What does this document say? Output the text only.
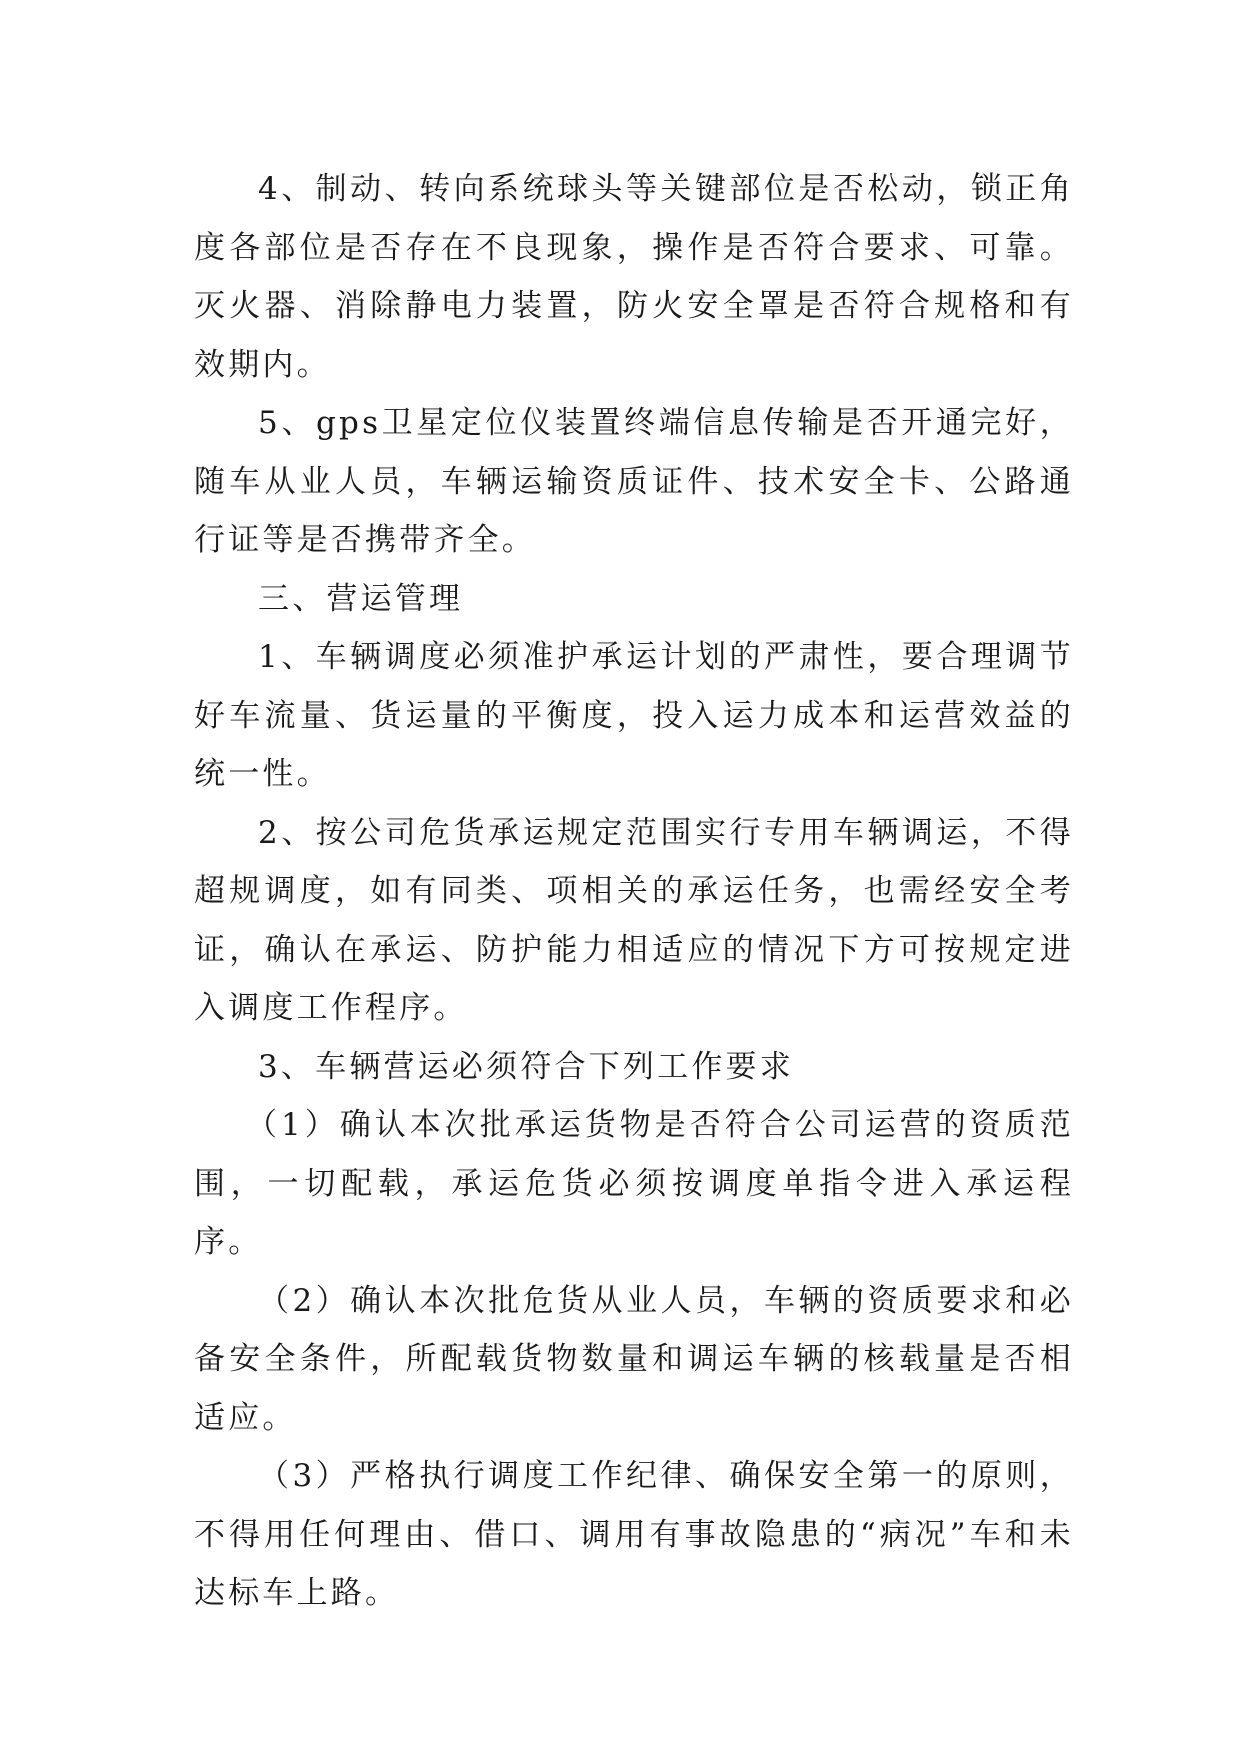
4、制动、转向系统球头等关键部位是否松动，锁正角度各部位是否存在不良现象，操作是否符合要求、可靠。灭火器、消除静电力装置，防火安全罩是否符合规格和有效期内。

5、gps卫星定位仪装置终端信息传输是否开通完好，随车从业人员，车辆运输资质证件、技术安全卡、公路通行证等是否携带齐全。

三、营运管理

1、车辆调度必须准护承运计划的严肃性，要合理调节好车流量、货运量的平衡度，投入运力成本和运营效益的统一性。

2、按公司危货承运规定范围实行专用车辆调运，不得超规调度，如有同类、项相关的承运任务，也需经安全考证，确认在承运、防护能力相适应的情况下方可按规定进入调度工作程序。

3、车辆营运必须符合下列工作要求

（1）确认本次批承运货物是否符合公司运营的资质范围，一切配载，承运危货必须按调度单指令进入承运程序。

（2）确认本次批危货从业人员，车辆的资质要求和必备安全条件，所配载货物数量和调运车辆的核载量是否相适应。

（3）严格执行调度工作纪律、确保安全第一的原则，不得用任何理由、借口、调用有事故隐患的“病况”车和未达标车上路。
